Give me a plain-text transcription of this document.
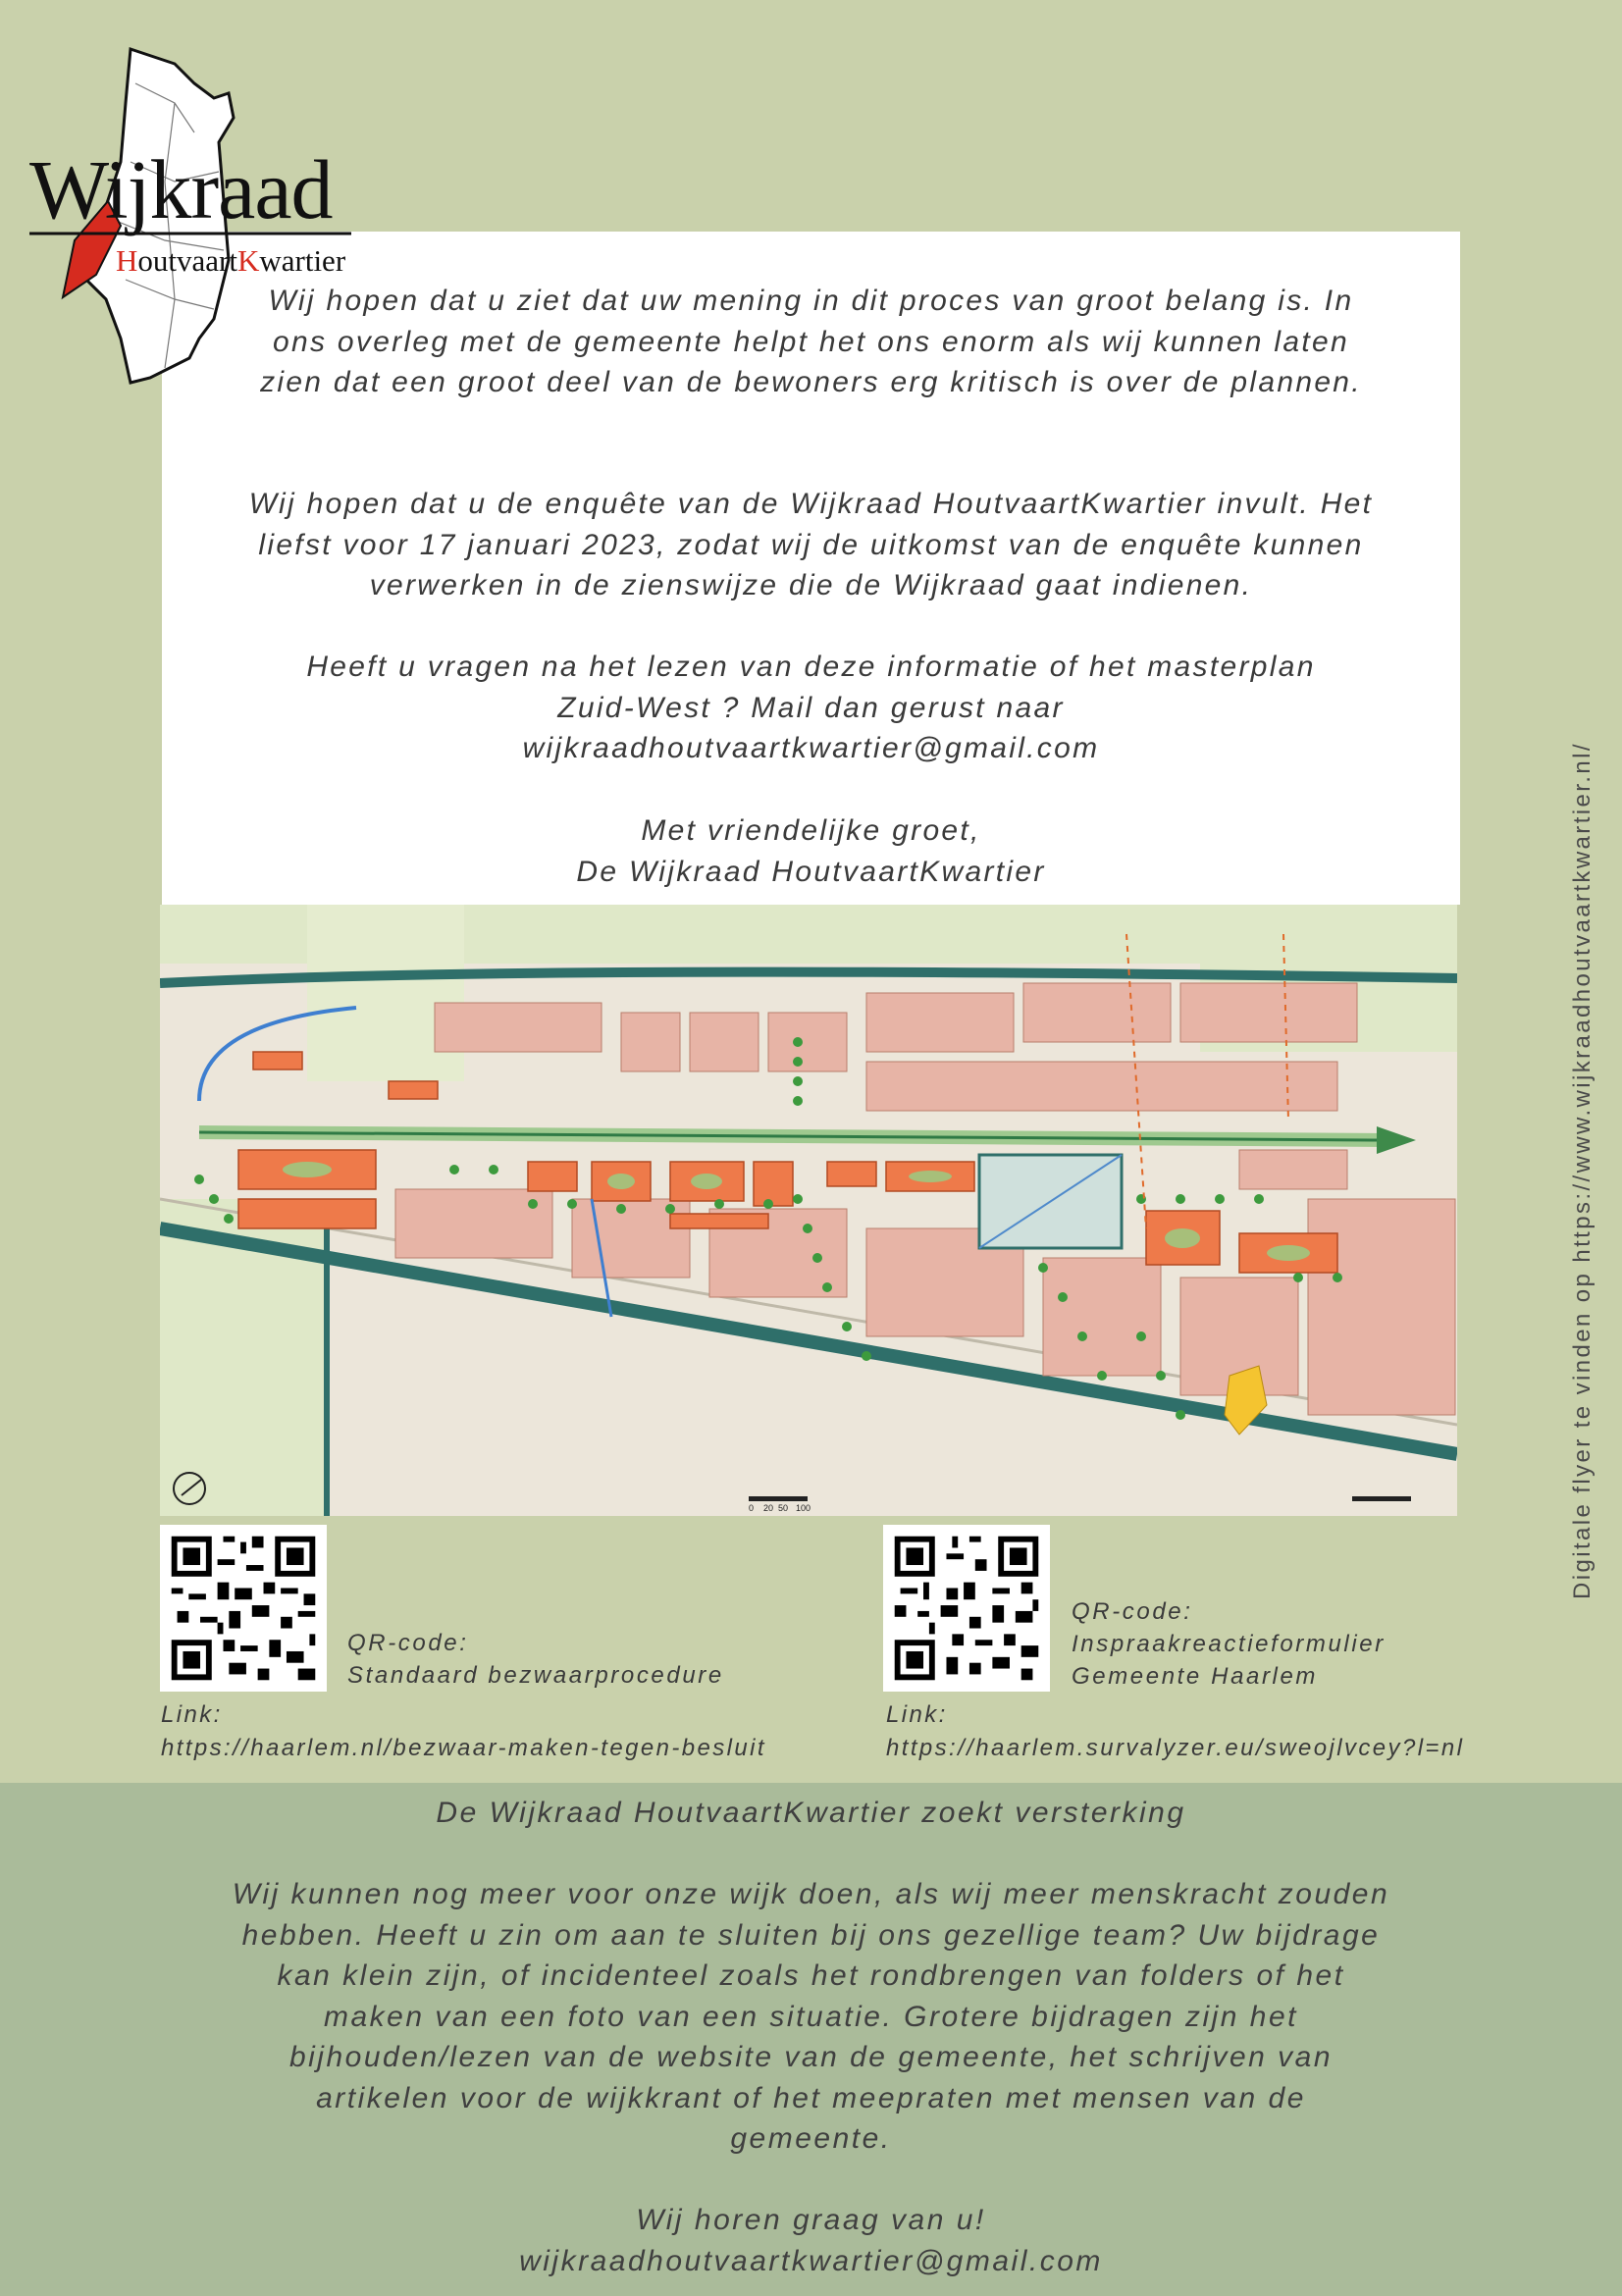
Wij hopen dat u ziet dat uw mening in dit proces van groot belang is. In ons overleg met de gemeente helpt het ons enorm als wij kunnen laten zien dat een groot deel van de bewoners erg kritisch is over de plannen.

Wij hopen dat u de enquête van de Wijkraad HoutvaartKwartier invult. Het liefst voor 17 januari 2023, zodat wij de uitkomst van de enquête kunnen verwerken in de zienswijze die de Wijkraad gaat indienen.

Heeft u vragen na het lezen van deze informatie of het masterplan Zuid-West ? Mail dan gerust naar wijkraadhoutvaartkwartier@gmail.com

Met vriendelijke groet,

De Wijkraad HoutvaartKwartier

Wijkraad
HoutvaartKwartier
0 20 50 100
QR-code:
Standaard bezwaarprocedure
Link:
https://haarlem.nl/bezwaar-maken-tegen-besluit
QR-code:
Inspraakreactieformulier
Gemeente Haarlem
Link:
https://haarlem.survalyzer.eu/sweojlvcey?l=nl
Digitale flyer te vinden op https://www.wijkraadhoutvaartkwartier.nl/

De Wijkraad HoutvaartKwartier zoekt versterking

Wij kunnen nog meer voor onze wijk doen, als wij meer menskracht zouden hebben. Heeft u zin om aan te sluiten bij ons gezellige team? Uw bijdrage kan klein zijn, of incidenteel zoals het rondbrengen van folders of het maken van een foto van een situatie. Grotere bijdragen zijn het bijhouden/lezen van de website van de gemeente, het schrijven van artikelen voor de wijkkrant of het meepraten met mensen van de gemeente.

Wij horen graag van u!

wijkraadhoutvaartkwartier@gmail.com
